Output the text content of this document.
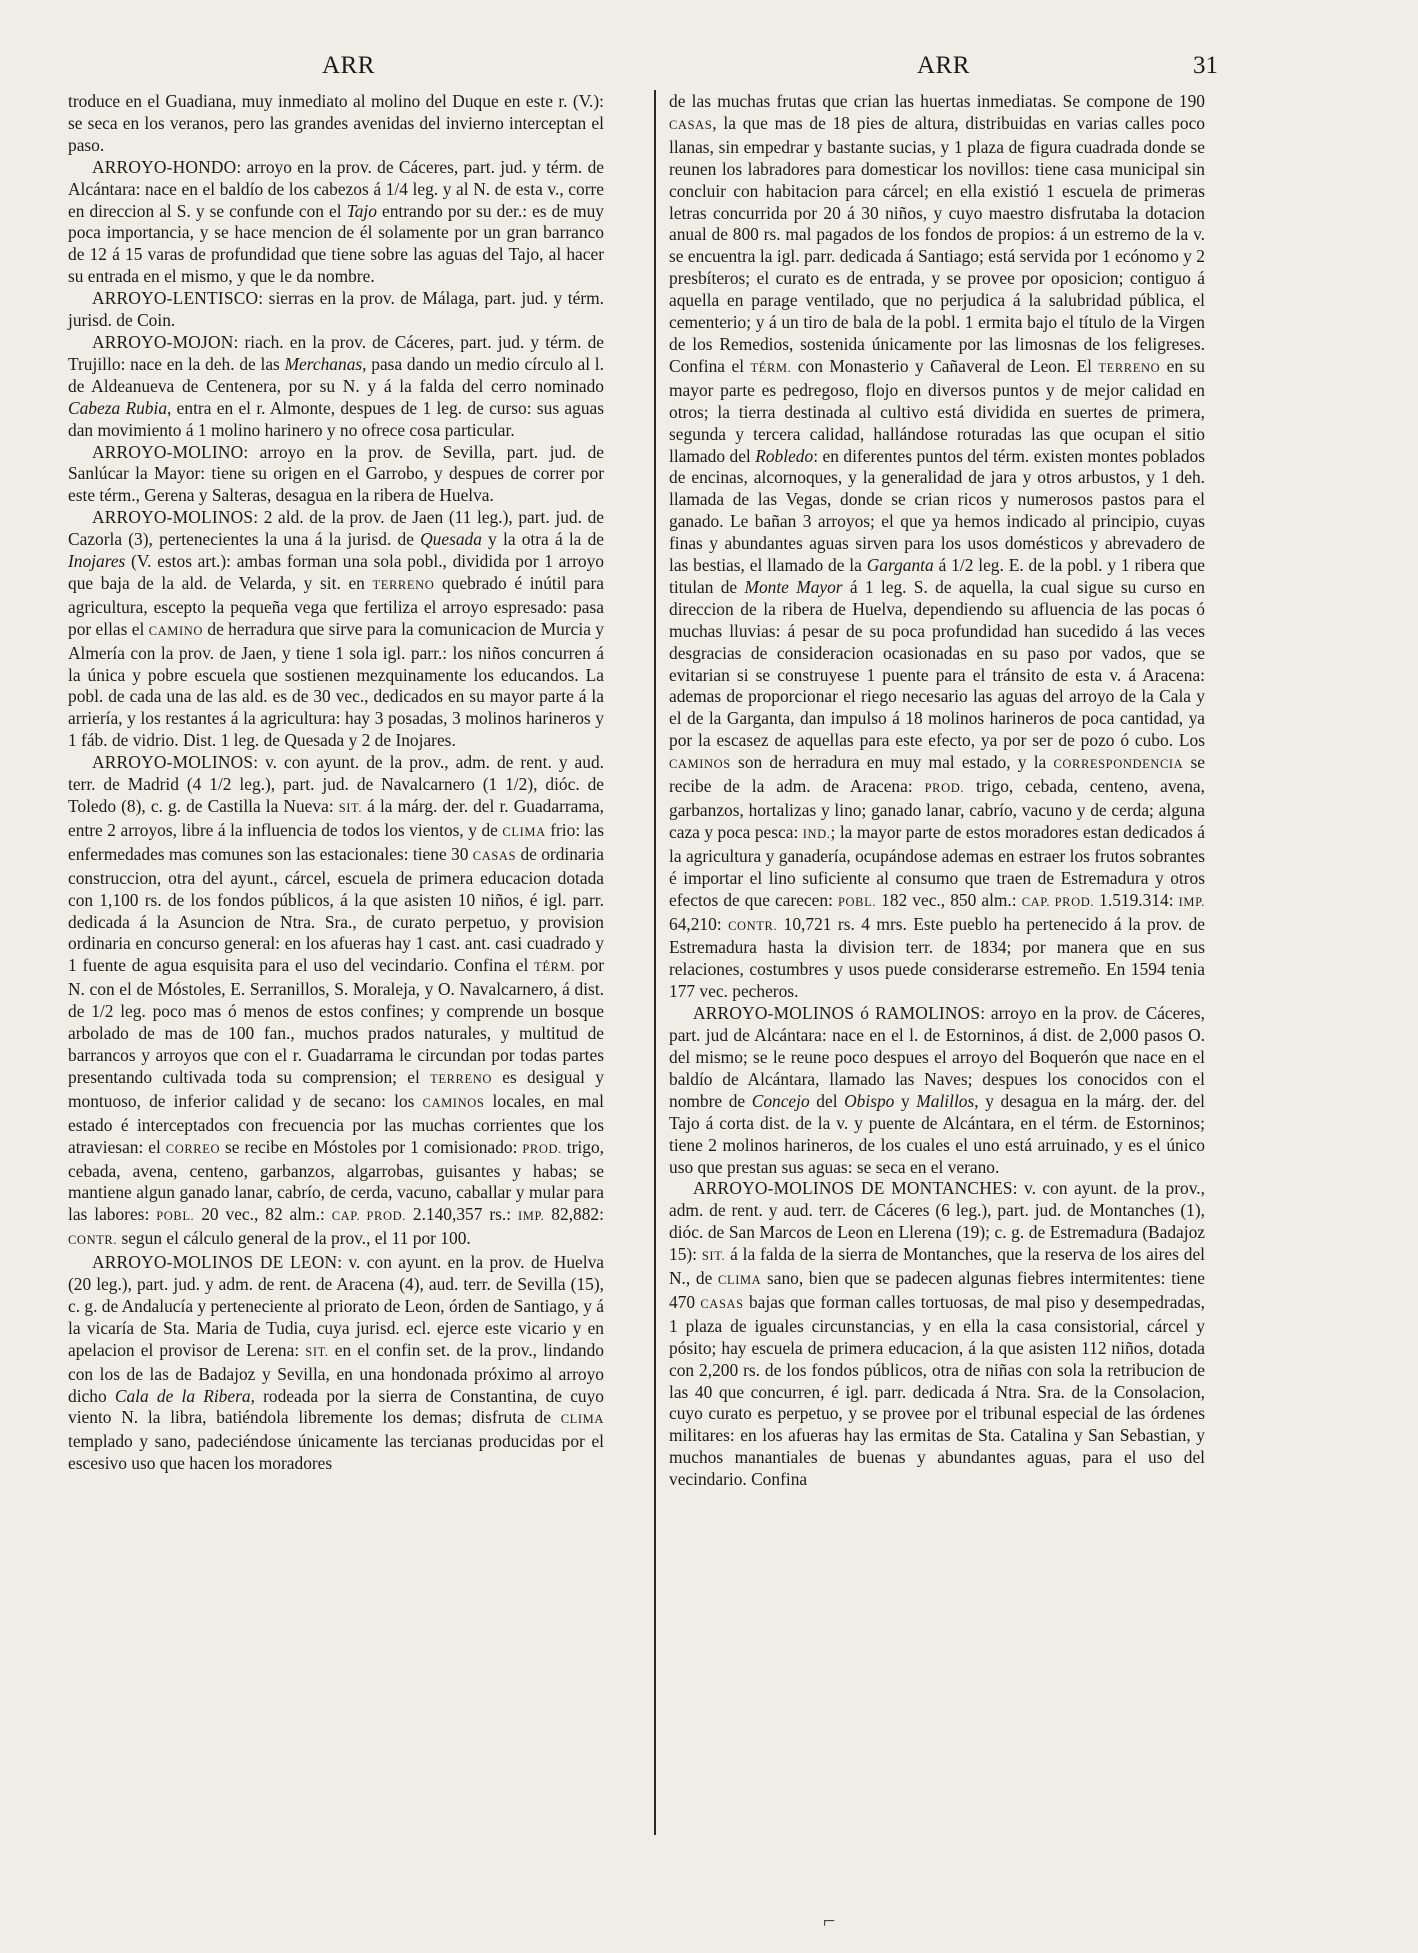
ARR	ARR	31

troduce en el Guadiana, muy inmediato al molino del Duque en este r. (V.): se seca en los veranos, pero las grandes avenidas del invierno interceptan el paso.

ARROYO-HONDO: arroyo en la prov. de Cáceres, part. jud. y térm. de Alcántara: nace en el baldío de los cabezos á 1/4 leg. y al N. de esta v., corre en direccion al S. y se confunde con el Tajo entrando por su der.: es de muy poca importancia, y se hace mencion de él solamente por un gran barranco de 12 á 15 varas de profundidad que tiene sobre las aguas del Tajo, al hacer su entrada en el mismo, y que le da nombre.

ARROYO-LENTISCO: sierras en la prov. de Málaga, part. jud. y térm. jurisd. de Coin.

ARROYO-MOJON: riach. en la prov. de Cáceres, part. jud. y térm. de Trujillo: nace en la deh. de las Merchanas, pasa dando un medio círculo al l. de Aldeanueva de Centenera, por su N. y á la falda del cerro nominado Cabeza Rubia, entra en el r. Almonte, despues de 1 leg. de curso: sus aguas dan movimiento á 1 molino harinero y no ofrece cosa particular.

ARROYO-MOLINO: arroyo en la prov. de Sevilla, part. jud. de Sanlúcar la Mayor: tiene su origen en el Garrobo, y despues de correr por este térm., Gerena y Salteras, desagua en la ribera de Huelva.

ARROYO-MOLINOS: 2 ald. de la prov. de Jaen (11 leg.), part. jud. de Cazorla (3), pertenecientes la una á la jurisd. de Quesada y la otra á la de Inojares (V. estos art.): ambas forman una sola pobl., dividida por 1 arroyo que baja de la ald. de Velarda, y sit. en TERRENO quebrado é inútil para agricultura, escepto la pequeña vega que fertiliza el arroyo espresado: pasa por ellas el CAMINO de herradura que sirve para la comunicacion de Murcia y Almería con la prov. de Jaen, y tiene 1 sola igl. parr.: los niños concurren á la única y pobre escuela que sostienen mezquinamente los educandos. La pobl. de cada una de las ald. es de 30 vec., dedicados en su mayor parte á la arriería, y los restantes á la agricultura: hay 3 posadas, 3 molinos harineros y 1 fáb. de vidrio. Dist. 1 leg. de Quesada y 2 de Inojares.

ARROYO-MOLINOS: v. con ayunt. de la prov., adm. de rent. y aud. terr. de Madrid (4 1/2 leg.), part. jud. de Navalcarnero (1 1/2), dióc. de Toledo (8), c. g. de Castilla la Nueva: SIT. á la márg. der. del r. Guadarrama, entre 2 arroyos, libre á la influencia de todos los vientos, y de CLIMA frio: las enfermedades mas comunes son las estacionales: tiene 30 CASAS de ordinaria construccion, otra del ayunt., cárcel, escuela de primera educacion dotada con 1,100 rs. de los fondos públicos, á la que asisten 10 niños, é igl. parr. dedicada á la Asuncion de Ntra. Sra., de curato perpetuo, y provision ordinaria en concurso general: en los afueras hay 1 cast. ant. casi cuadrado y 1 fuente de agua esquisita para el uso del vecindario. Confina el TÉRM. por N. con el de Móstoles, E. Serranillos, S. Moraleja, y O. Navalcarnero, á dist. de 1/2 leg. poco mas ó menos de estos confines; y comprende un bosque arbolado de mas de 100 fan., muchos prados naturales, y multitud de barrancos y arroyos que con el r. Guadarrama le circundan por todas partes presentando cultivada toda su comprension; el TERRENO es desigual y montuoso, de inferior calidad y de secano: los CAMINOS locales, en mal estado é interceptados con frecuencia por las muchas corrientes que los atraviesan: el CORREO se recibe en Móstoles por 1 comisionado: PROD. trigo, cebada, avena, centeno, garbanzos, algarrobas, guisantes y habas; se mantiene algun ganado lanar, cabrío, de cerda, vacuno, caballar y mular para las labores: POBL. 20 vec., 82 alm.: CAP. PROD. 2.140,357 rs.: IMP. 82,882: CONTR. segun el cálculo general de la prov., el 11 por 100.

ARROYO-MOLINOS DE LEON: v. con ayunt. en la prov. de Huelva (20 leg.), part. jud. y adm. de rent. de Aracena (4), aud. terr. de Sevilla (15), c. g. de Andalucía y perteneciente al priorato de Leon, órden de Santiago, y á la vicaría de Sta. Maria de Tudia, cuya jurisd. ecl. ejerce este vicario y en apelacion el provisor de Lerena: SIT. en el confin set. de la prov., lindando con los de las de Badajoz y Sevilla, en una hondonada próximo al arroyo dicho Cala de la Ribera, rodeada por la sierra de Constantina, de cuyo viento N. la libra, batiéndola libremente los demas; disfruta de CLIMA templado y sano, padeciéndose únicamente las tercianas producidas por el escesivo uso que hacen los moradores

de las muchas frutas que crian las huertas inmediatas. Se compone de 190 CASAS, la que mas de 18 pies de altura, distribuidas en varias calles poco llanas, sin empedrar y bastante sucias, y 1 plaza de figura cuadrada donde se reunen los labradores para domesticar los novillos: tiene casa municipal sin concluir con habitacion para cárcel; en ella existió 1 escuela de primeras letras concurrida por 20 á 30 niños, y cuyo maestro disfrutaba la dotacion anual de 800 rs. mal pagados de los fondos de propios: á un estremo de la v. se encuentra la igl. parr. dedicada á Santiago; está servida por 1 ecónomo y 2 presbíteros; el curato es de entrada, y se provee por oposicion; contiguo á aquella en parage ventilado, que no perjudica á la salubridad pública, el cementerio; y á un tiro de bala de la pobl. 1 ermita bajo el título de la Virgen de los Remedios, sostenida únicamente por las limosnas de los feligreses. Confina el TÉRM. con Monasterio y Cañaveral de Leon. El TERRENO en su mayor parte es pedregoso, flojo en diversos puntos y de mejor calidad en otros; la tierra destinada al cultivo está dividida en suertes de primera, segunda y tercera calidad, hallándose roturadas las que ocupan el sitio llamado del Robledo: en diferentes puntos del térm. existen montes poblados de encinas, alcornoques, y la generalidad de jara y otros arbustos, y 1 deh. llamada de las Vegas, donde se crian ricos y numerosos pastos para el ganado. Le bañan 3 arroyos; el que ya hemos indicado al principio, cuyas finas y abundantes aguas sirven para los usos domésticos y abrevadero de las bestias, el llamado de la Garganta á 1/2 leg. E. de la pobl. y 1 ribera que titulan de Monte Mayor á 1 leg. S. de aquella, la cual sigue su curso en direccion de la ribera de Huelva, dependiendo su afluencia de las pocas ó muchas lluvias: á pesar de su poca profundidad han sucedido á las veces desgracias de consideracion ocasionadas en su paso por vados, que se evitarian si se construyese 1 puente para el tránsito de esta v. á Aracena: ademas de proporcionar el riego necesario las aguas del arroyo de la Cala y el de la Garganta, dan impulso á 18 molinos harineros de poca cantidad, ya por la escasez de aquellas para este efecto, ya por ser de pozo ó cubo. Los CAMINOS son de herradura en muy mal estado, y la CORRESPONDENCIA se recibe de la adm. de Aracena: PROD. trigo, cebada, centeno, avena, garbanzos, hortalizas y lino; ganado lanar, cabrío, vacuno y de cerda; alguna caza y poca pesca: IND.; la mayor parte de estos moradores estan dedicados á la agricultura y ganadería, ocupándose ademas en estraer los frutos sobrantes é importar el lino suficiente al consumo que traen de Estremadura y otros efectos de que carecen: POBL. 182 vec., 850 alm.: CAP. PROD. 1.519.314: IMP. 64,210: CONTR. 10,721 rs. 4 mrs. Este pueblo ha pertenecido á la prov. de Estremadura hasta la division terr. de 1834; por manera que en sus relaciones, costumbres y usos puede considerarse estremeño. En 1594 tenia 177 vec. pecheros.

ARROYO-MOLINOS ó RAMOLINOS: arroyo en la prov. de Cáceres, part. jud de Alcántara: nace en el l. de Estorninos, á dist. de 2,000 pasos O. del mismo; se le reune poco despues el arroyo del Boquerón que nace en el baldío de Alcántara, llamado las Naves; despues los conocidos con el nombre de Concejo del Obispo y Malillos, y desagua en la márg. der. del Tajo á corta dist. de la v. y puente de Alcántara, en el térm. de Estorninos; tiene 2 molinos harineros, de los cuales el uno está arruinado, y es el único uso que prestan sus aguas: se seca en el verano.

ARROYO-MOLINOS DE MONTANCHES: v. con ayunt. de la prov., adm. de rent. y aud. terr. de Cáceres (6 leg.), part. jud. de Montanches (1), dióc. de San Marcos de Leon en Llerena (19); c. g. de Estremadura (Badajoz 15): SIT. á la falda de la sierra de Montanches, que la reserva de los aires del N., de CLIMA sano, bien que se padecen algunas fiebres intermitentes: tiene 470 CASAS bajas que forman calles tortuosas, de mal piso y desempedradas, 1 plaza de iguales circunstancias, y en ella la casa consistorial, cárcel y pósito; hay escuela de primera educacion, á la que asisten 112 niños, dotada con 2,200 rs. de los fondos públicos, otra de niñas con sola la retribucion de las 40 que concurren, é igl. parr. dedicada á Ntra. Sra. de la Consolacion, cuyo curato es perpetuo, y se provee por el tribunal especial de las órdenes militares: en los afueras hay las ermitas de Sta. Catalina y San Sebastian, y muchos manantiales de buenas y abundantes aguas, para el uso del vecindario. Confina

⌐
